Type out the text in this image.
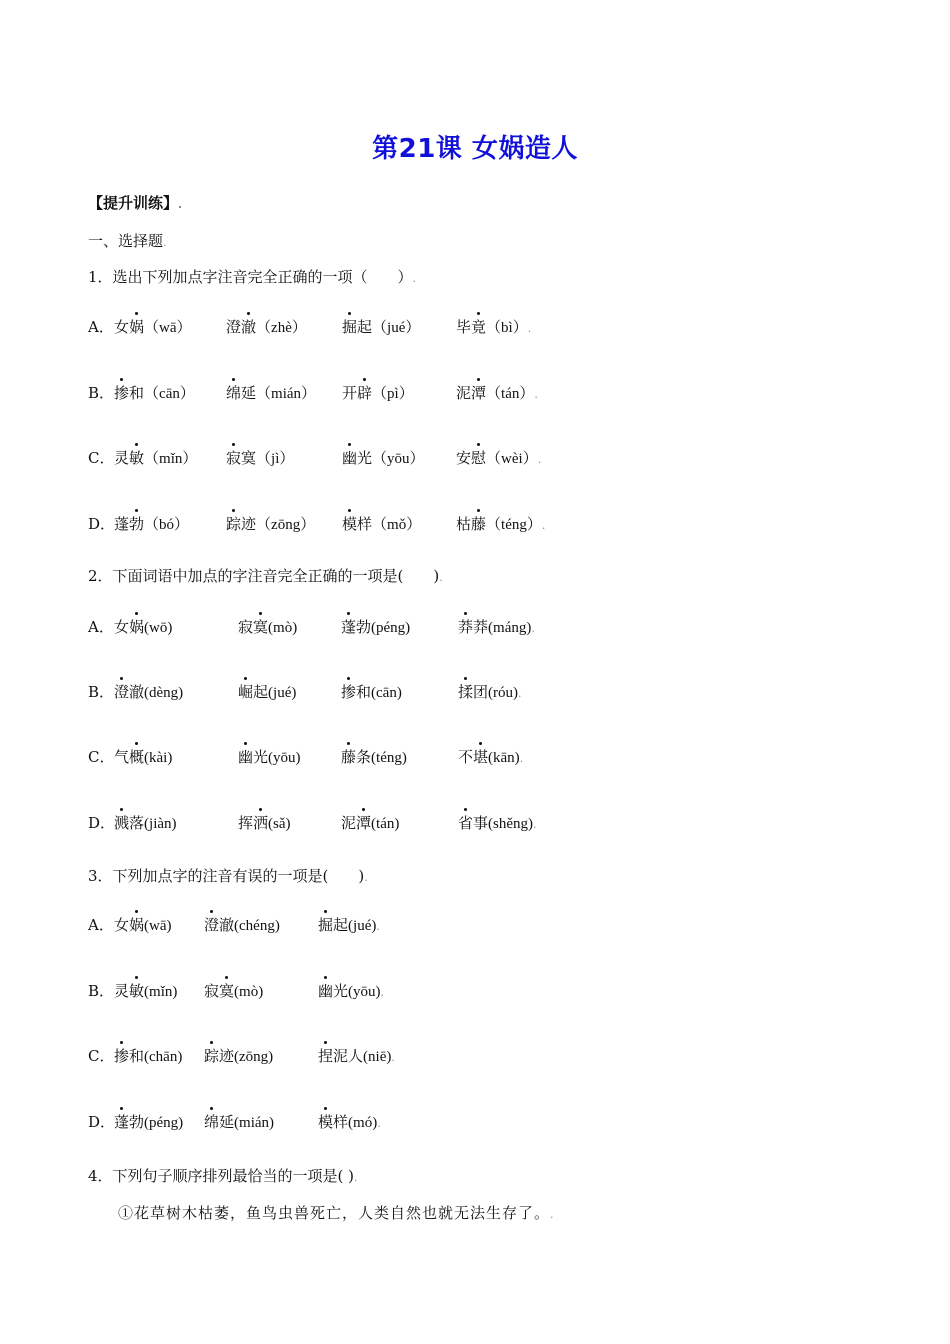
第21课 女娲造人
【提升训练】.
一、选择题.
1．选出下列加点字注音完全正确的一项（　　）.
A． 女娲（wā） 澄澈（zhè） 掘起（jué） 毕竟（bì）.
B． 掺和（cān） 绵延（mián） 开辟（pì）	泥潭（tán）.
C． 灵敏（mǐn） 寂寞（jì）	幽光（yōu） 安慰（wèi）.
D．
蓬勃（bó） 踪迹（zōng） 模样（mǒ） 枯藤（téng）.
2．下面词语中加点的字注音完全正确的一项是(　　).
A． 女娲(wō)	寂寞(mò)	蓬勃(péng)	莽莽(máng).
B． 澄澈(dèng)	崛起(jué)	掺和(cān)	揉团(róu).
C． 气概(kài)	幽光(yōu)	藤条(téng)	不堪(kān).
D．
溅落(jiàn)	挥洒(sǎ)	泥潭(tán)	省事(shěng).
3．下列加点字的注音有误的一项是(　　).
A． 女娲(wā) 澄澈(chéng)	掘起(jué).
B． 灵敏(mǐn) 寂寞(mò)	幽光(yōu).
C． 掺和(chān) 踪迹(zōng)	捏泥人(niē).
D．
蓬勃(péng) 绵延(mián)	模样(mó).
4．下列句子顺序排列最恰当的一项是( ).
①花草树木枯萎，鱼鸟虫兽死亡，人类自然也就无法生存了。.
